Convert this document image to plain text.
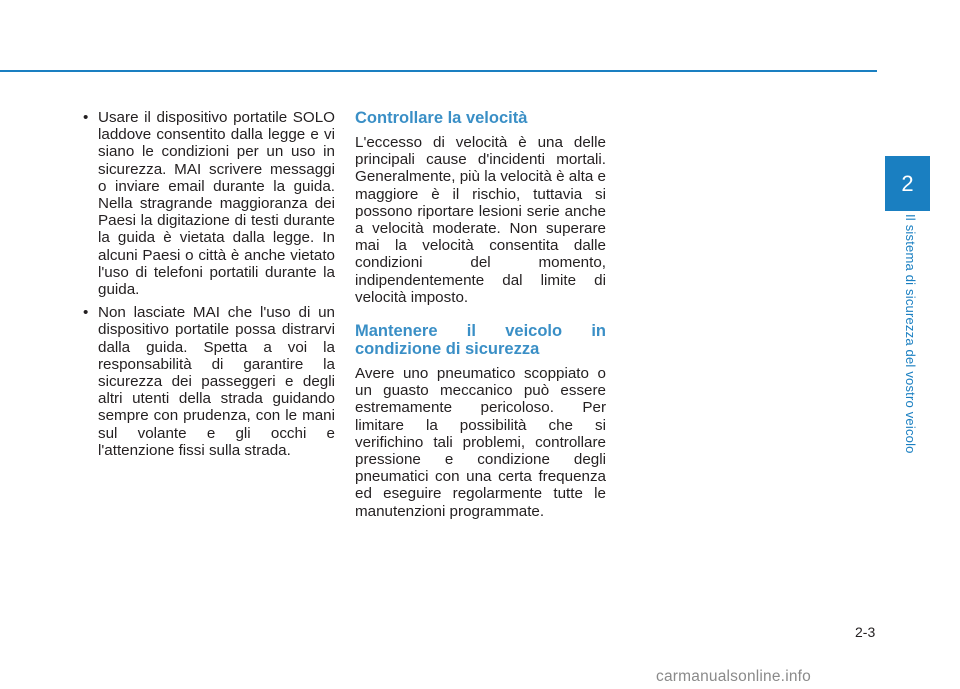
• Usare il dispositivo portatile SOLO laddove consentito dalla legge e vi siano le condizioni per un uso in sicurezza. MAI scrivere messaggi o inviare email durante la guida. Nella stragrande maggioranza dei Paesi la digitazione di testi durante la guida è vietata dalla legge. In alcuni Paesi o città è anche vietato l'uso di telefoni portatili durante la guida.
• Non lasciate MAI che l'uso di un dispositivo portatile possa distrarvi dalla guida. Spetta a voi la responsabilità di garantire la sicurezza dei passeggeri e degli altri utenti della strada guidando sempre con prudenza, con le mani sul volante e gli occhi e l'attenzione fissi sulla strada.
Controllare la velocità

L'eccesso di velocità è una delle principali cause d'incidenti mortali. Generalmente, più la velocità è alta e maggiore è il rischio, tuttavia si possono riportare lesioni serie anche a velocità moderate. Non superare mai la velocità consentita dalle condizioni del momento, indipendentemente dal limite di velocità imposto.

Mantenere il veicolo in condizione di sicurezza

Avere uno pneumatico scoppiato o un guasto meccanico può essere estremamente pericoloso. Per limitare la possibilità che si verifichino tali problemi, controllare pressione e condizione degli pneumatici con una certa frequenza ed eseguire regolarmente tutte le manutenzioni programmate.

2
Il sistema di sicurezza del vostro veicolo
2-3
carmanualsonline.info
